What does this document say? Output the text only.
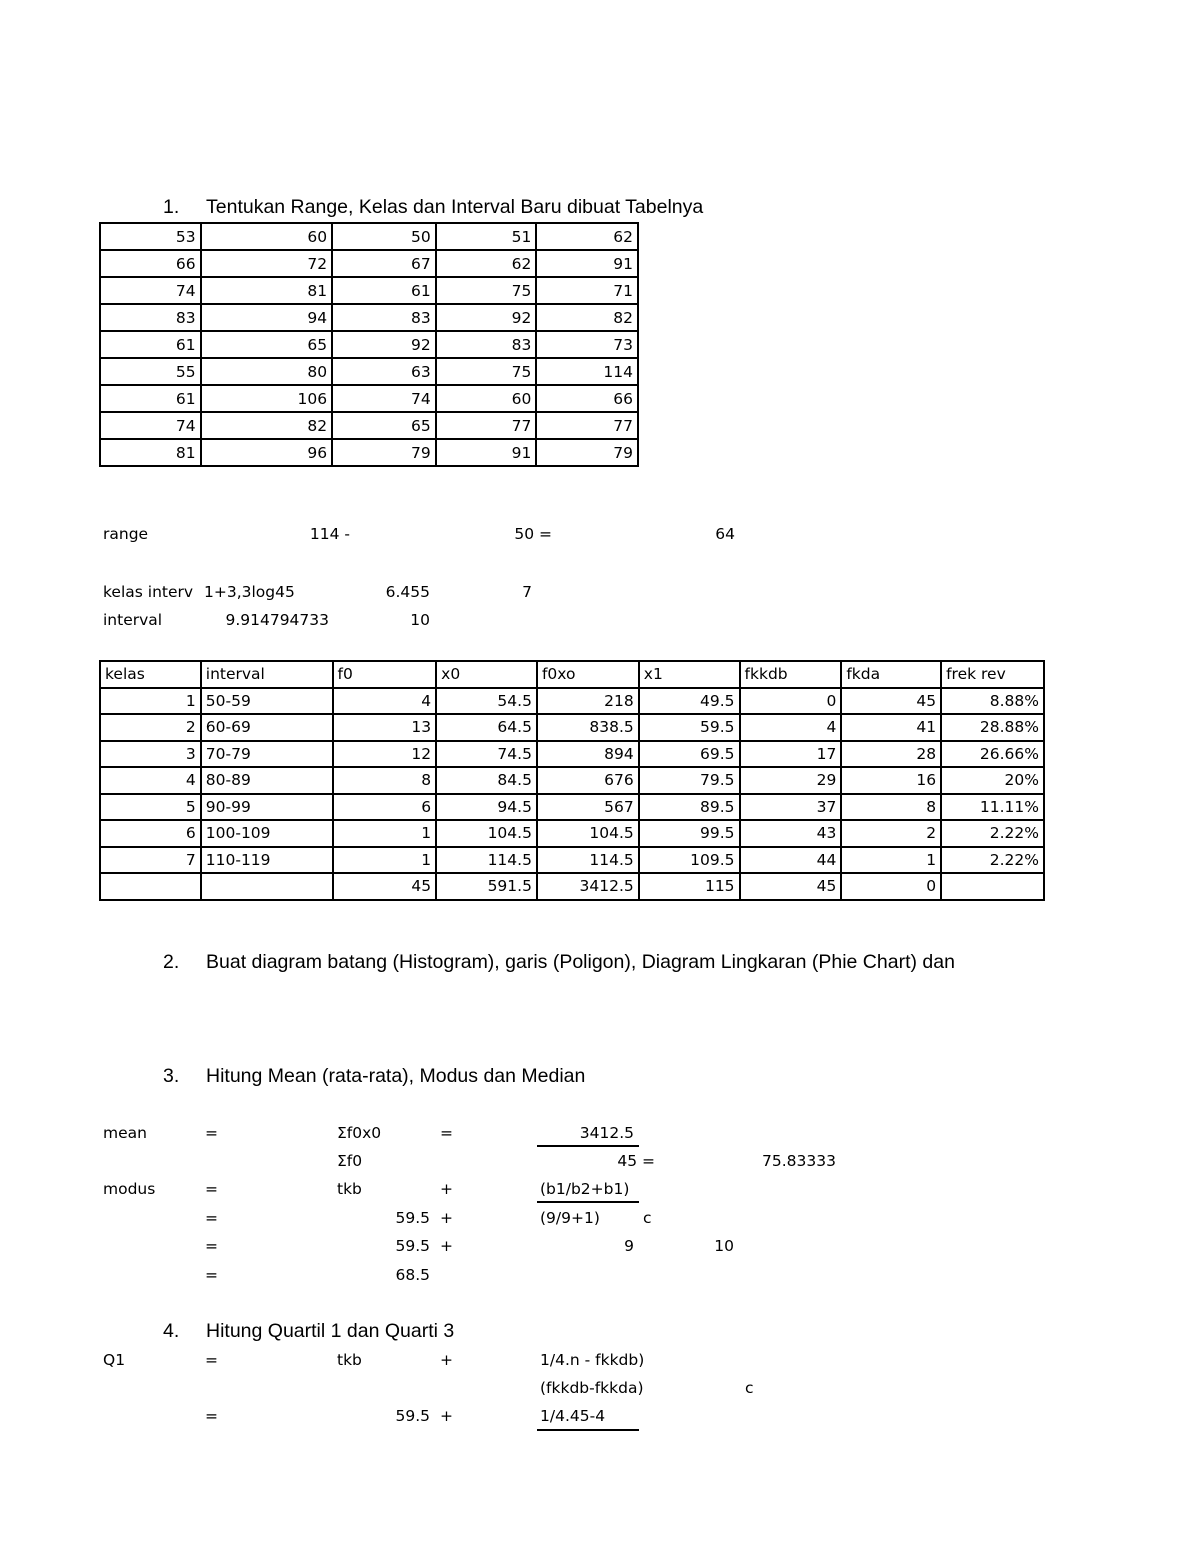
1. Tentukan Range, Kelas dan Interval Baru dibuat Tabelnya
53	60	50	51	62
66	72	67	62	91
74	81	61	75	71
83	94	83	92	82
61	65	92	83	73
55	80	63	75	114
61	106	74	60	66
74	82	65	77	77
81	96	79	91	79
range	114 -	50 =	64
kelas interv 1+3,3log45	6.455	7
interval	9.914794733	10
kelas	interval	f0	x0	f0xo	x1	fkkdb	fkda	frek rev
1	50-59	4	54.5	218	49.5	0	45	8.88%
2	60-69	13	64.5	838.5	59.5	4	41	28.88%
3	70-79	12	74.5	894	69.5	17	28	26.66%
4	80-89	8	84.5	676	79.5	29	16	20%
5	90-99	6	94.5	567	89.5	37	8	11.11%
6	100-109	1	104.5	104.5	99.5	43	2	2.22%
7	110-119	1	114.5	114.5	109.5	44	1	2.22%
		45	591.5	3412.5	115	45	0	
2. Buat diagram batang (Histogram), garis (Poligon), Diagram Lingkaran (Phie Chart) dan
3. Hitung Mean (rata-rata), Modus dan Median
mean	=	Σf0x0	=	3412.5
Σf0	45 =	75.83333
modus	=	tkb	+	(b1/b2+b1)
=	59.5 +	(9/9+1)	c
=	59.5 +	9	10
=	68.5
4. Hitung Quartil 1 dan Quarti 3
Q1	=	tkb	+	1/4.n - fkkdb)
(fkkdb-fkkda)	c
=	59.5 +	1/4.45-4
